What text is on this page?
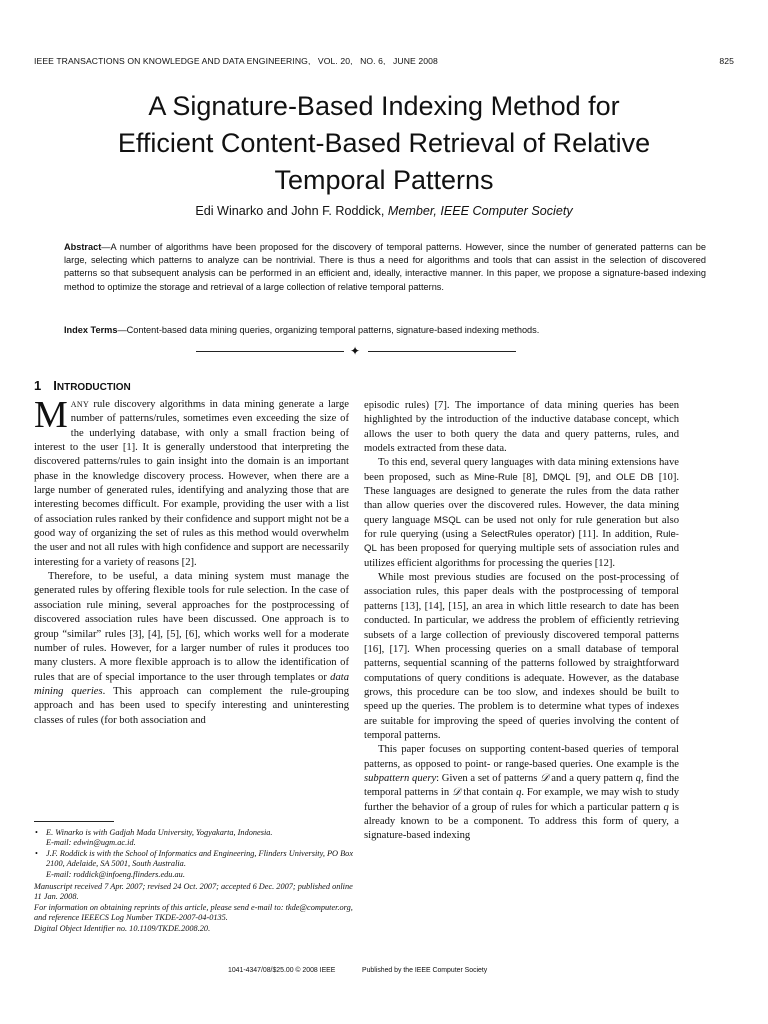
IEEE TRANSACTIONS ON KNOWLEDGE AND DATA ENGINEERING, VOL. 20, NO. 6, JUNE 2008	825
A Signature-Based Indexing Method for
Efficient Content-Based Retrieval of Relative
Temporal Patterns
Edi Winarko and John F. Roddick, Member, IEEE Computer Society
Abstract—A number of algorithms have been proposed for the discovery of temporal patterns. However, since the number of generated patterns can be large, selecting which patterns to analyze can be nontrivial. There is thus a need for algorithms and tools that can assist in the selection of discovered patterns so that subsequent analysis can be performed in an efficient and, ideally, interactive manner. In this paper, we propose a signature-based indexing method to optimize the storage and retrieval of a large collection of relative temporal patterns.
Index Terms—Content-based data mining queries, organizing temporal patterns, signature-based indexing methods.
✦
1 INTRODUCTION

MANY rule discovery algorithms in data mining generate a large number of patterns/rules, sometimes even exceeding the size of the underlying database, with only a small fraction being of interest to the user [1]. It is generally understood that interpreting the discovered patterns/rules to gain insight into the domain is an important phase in the knowledge discovery process. However, when there are a large number of generated rules, identifying and analyzing those that are interesting becomes difficult. For example, providing the user with a list of association rules ranked by their confidence and support might not be a good way of organizing the set of rules as this method would overwhelm the user and not all rules with high confidence and support are necessarily interesting for a variety of reasons [2].

Therefore, to be useful, a data mining system must manage the generated rules by offering flexible tools for rule selection. In the case of association rule mining, several approaches for the postprocessing of discovered association rules have been discussed. One approach is to group “similar” rules [3], [4], [5], [6], which works well for a moderate number of rules. However, for a larger number of rules it produces too many clusters. A more flexible approach is to allow the identification of rules that are of special importance to the user through templates or data mining queries. This approach can complement the rule-grouping approach and has been used to specify interesting and uninteresting classes of rules (for both association and

episodic rules) [7]. The importance of data mining queries has been highlighted by the introduction of the inductive database concept, which allows the user to both query the data and query patterns, rules, and models extracted from these data.

To this end, several query languages with data mining extensions have been proposed, such as Mine-Rule [8], DMQL [9], and OLE DB [10]. These languages are designed to generate the rules from the data rather than allow queries over the discovered rules. However, the data mining query language MSQL can be used not only for rule generation but also for rule querying (using a SelectRules operator) [11]. In addition, Rule-QL has been proposed for querying multiple sets of association rules and utilizes efficient algorithms for processing the queries [12].

While most previous studies are focused on the post-processing of association rules, this paper deals with the postprocessing of temporal patterns [13], [14], [15], an area in which little research to date has been conducted. In particular, we address the problem of efficiently retrieving subsets of a large collection of previously discovered temporal patterns [16], [17]. When processing queries on a small database of temporal patterns, sequential scanning of the patterns followed by straightforward computations of query conditions is adequate. However, as the database grows, this procedure can be too slow, and indexes should be built to speed up the queries. The problem is to determine what types of indexes are suitable for improving the speed of queries involving the content of temporal patterns.

This paper focuses on supporting content-based queries of temporal patterns, as opposed to point- or range-based queries. One example is the subpattern query: Given a set of patterns 𝒟 and a query pattern q, find the temporal patterns in 𝒟 that contain q. For example, we may wish to study further the behavior of a group of rules for which a particular pattern q is already known to be a component. To address this form of query, a signature-based indexing

• E. Winarko is with Gadjah Mada University, Yogyakarta, Indonesia.
E-mail: edwin@ugm.ac.id.
• J.F. Roddick is with the School of Informatics and Engineering, Flinders University, PO Box 2100, Adelaide, SA 5001, South Australia.
E-mail: roddick@infoeng.flinders.edu.au.
Manuscript received 7 Apr. 2007; revised 24 Oct. 2007; accepted 6 Dec. 2007; published online 11 Jan. 2008.
For information on obtaining reprints of this article, please send e-mail to: tkde@computer.org, and reference IEEECS Log Number TKDE-2007-04-0135.
Digital Object Identifier no. 10.1109/TKDE.2008.20.
1041-4347/08/$25.00 © 2008 IEEE	Published by the IEEE Computer Society
